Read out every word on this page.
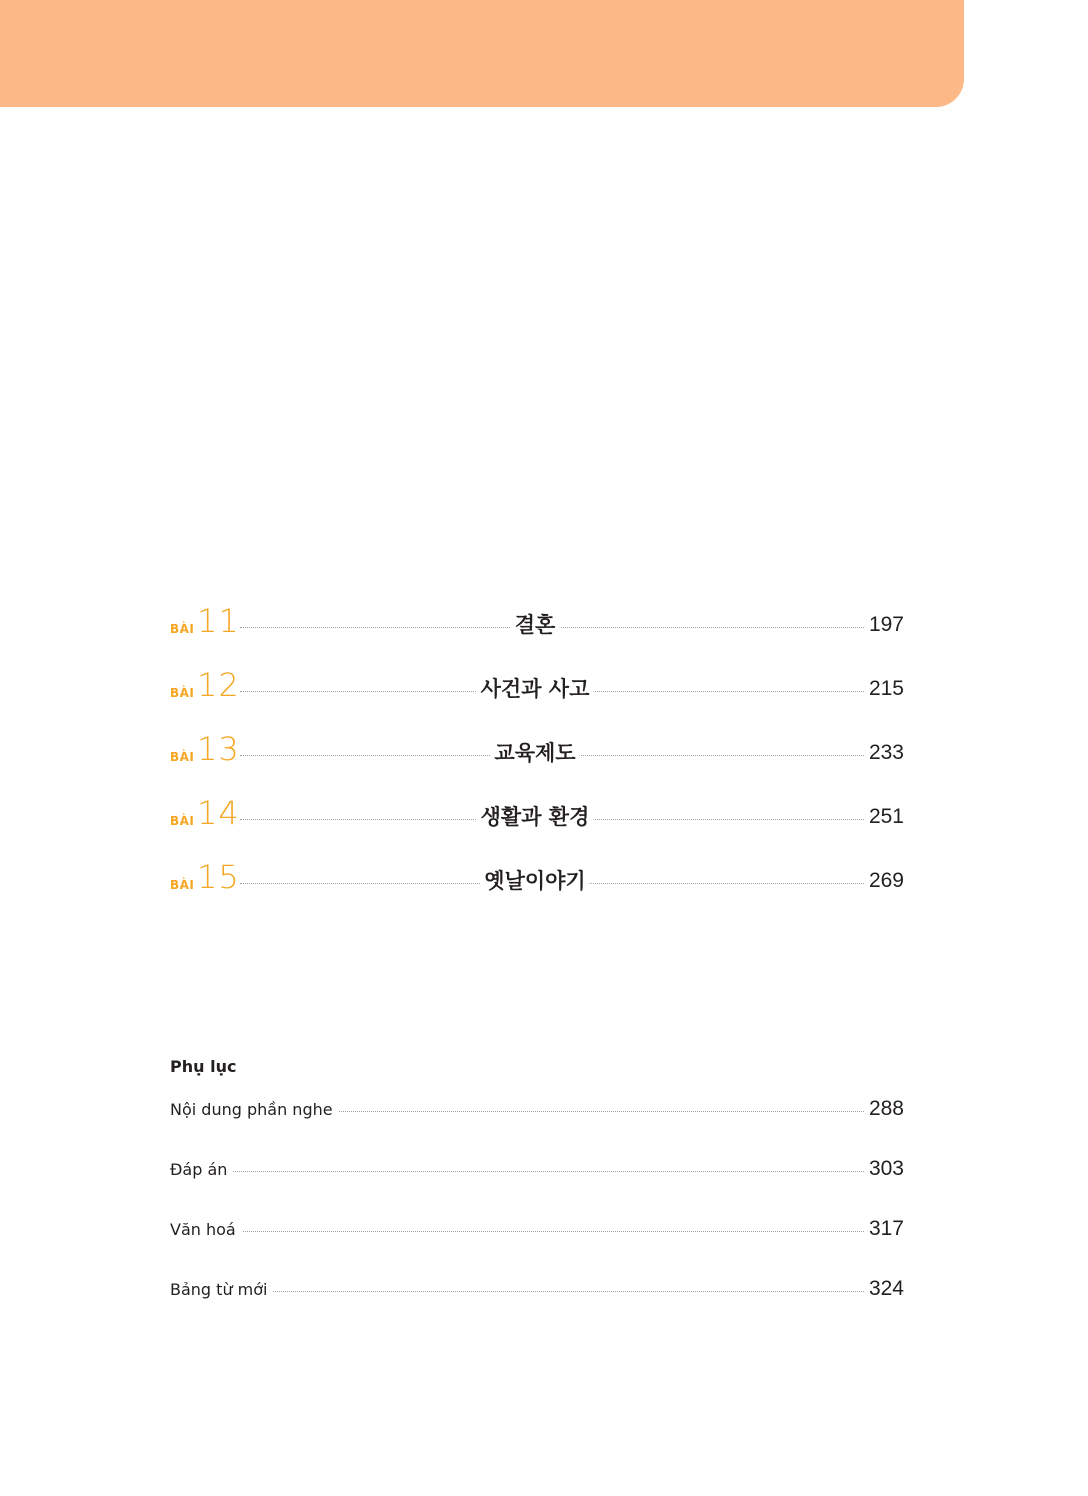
BÀI 11	결혼	197
BÀI 12	사건과 사고	215
BÀI 13	교육제도	233
BÀI 14	생활과 환경	251
BÀI 15	옛날이야기	269
Phụ lục
Nội dung phần nghe	288
Đáp án	303
Văn hoá	317
Bảng từ mới	324
